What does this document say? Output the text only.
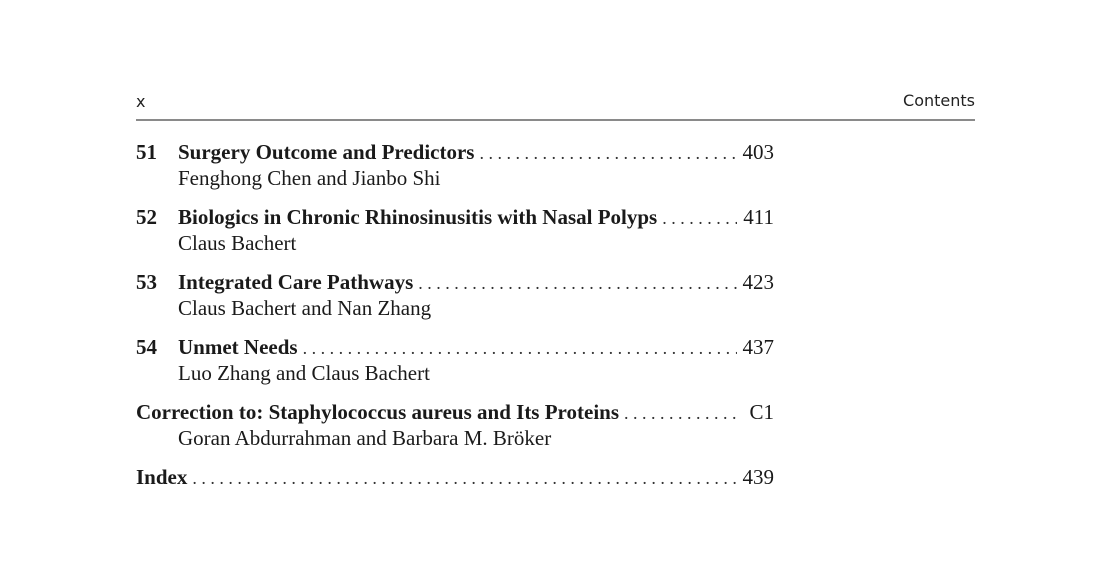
x	Contents
51	Surgery Outcome and Predictors . . .	403
Fenghong Chen and Jianbo Shi
52	Biologics in Chronic Rhinosinusitis with Nasal Polyps . . .	411
Claus Bachert
53	Integrated Care Pathways . . .	423
Claus Bachert and Nan Zhang
54	Unmet Needs . . .	437
Luo Zhang and Claus Bachert
Correction to: Staphylococcus aureus and Its Proteins . . .	C1
Goran Abdurrahman and Barbara M. Bröker
Index . . .	439
